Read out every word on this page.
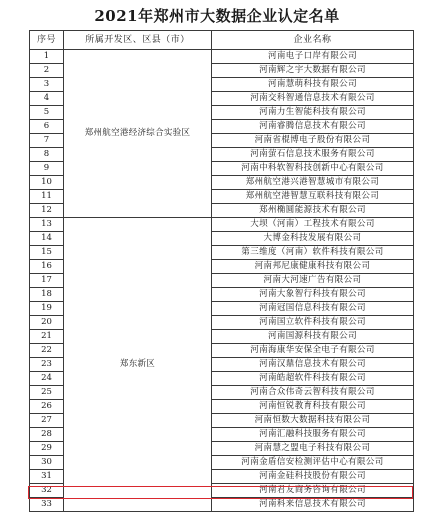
2021年郑州市大数据企业认定名单
序号	所属开发区、区县（市）	企业名称
1	郑州航空港经济综合实验区	河南电子口岸有限公司
2		河南辉之宇大数据有限公司
3		河南慧萌科技有限公司
4		河南交科智通信息技术有限公司
5		河南力生智能科技有限公司
6		河南睿腾信息技术有限公司
7		河南省棍博电子股份有限公司
8		河南萤石信息技术服务有限公司
9		河南中科软智科技创新中心有限公司
10		郑州航空港兴港智慧城市有限公司
11		郑州航空港智慧互联科技有限公司
12		郑州椭圆能源技术有限公司
13	郑东新区	大坝（河南）工程技术有限公司
14		大博金科技发展有限公司
15		第三维度（河南）软件科技有限公司
16		河南邦尼康健康科技有限公司
17		河南大河速广告有限公司
18		河南大象智行科技有限公司
19		河南冠国信息科技有限公司
20		河南国立软件科技有限公司
21		河南国源科技有限公司
22		河南海康华安保全电子有限公司
23		河南汉鼎信息技术有限公司
24		河南皓超软件科技有限公司
25		河南合众伟奇云智科技有限公司
26		河南恒锐教育科技有限公司
27		河南恒数大数据科技有限公司
28		河南汇融科技服务有限公司
29		河南慧之盟电子科技有限公司
30		河南金盾信安检测评估中心有限公司
31		河南金硅科技股份有限公司
32		河南君友商务咨询有限公司
33		河南科来信息技术有限公司
